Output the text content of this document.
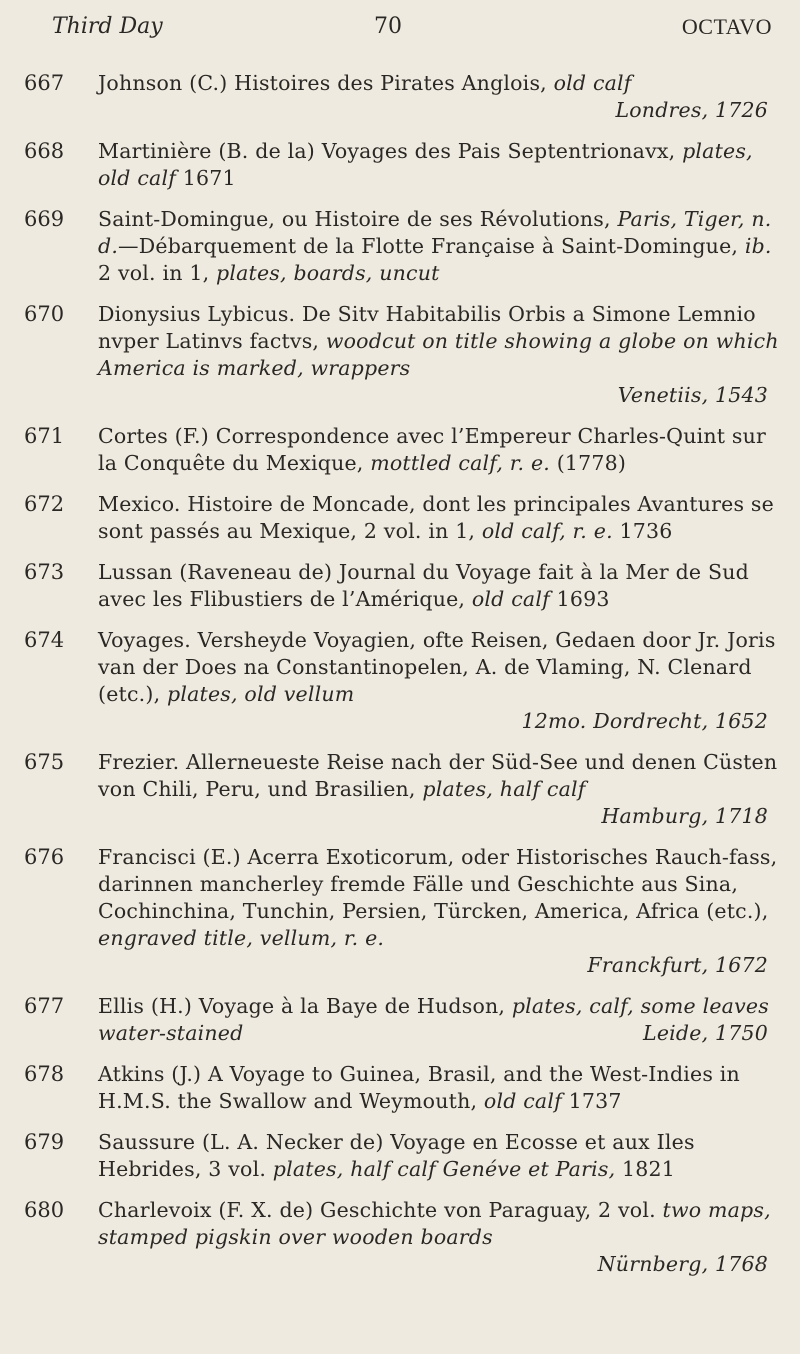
Third Day	70	OCTAVO
667	Johnson (C.) Histoires des Pirates Anglois, old calf
Londres, 1726
668	Martinière (B. de la) Voyages des Pais Septentrionavx, plates, old calf 1671
669	Saint-Domingue, ou Histoire de ses Révolutions, Paris, Tiger, n. d.—Débarquement de la Flotte Française à Saint-Domingue, ib. 2 vol. in 1, plates, boards, uncut
670	Dionysius Lybicus. De Sitv Habitabilis Orbis a Simone Lemnio nvper Latinvs factvs, woodcut on title showing a globe on which America is marked, wrappers
Venetiis, 1543
671	Cortes (F.) Correspondence avec l’Empereur Charles-Quint sur la Conquête du Mexique, mottled calf, r. e. (1778)
672	Mexico. Histoire de Moncade, dont les principales Avantures se sont passés au Mexique, 2 vol. in 1, old calf, r. e. 1736
673	Lussan (Raveneau de) Journal du Voyage fait à la Mer de Sud avec les Flibustiers de l’Amérique, old calf 1693
674	Voyages. Versheyde Voyagien, ofte Reisen, Gedaen door Jr. Joris van der Does na Constantinopelen, A. de Vlaming, N. Clenard (etc.), plates, old vellum
12mo. Dordrecht, 1652
675	Frezier. Allerneueste Reise nach der Süd-See und denen Cüsten von Chili, Peru, und Brasilien, plates, half calf
Hamburg, 1718
676	Francisci (E.) Acerra Exoticorum, oder Historisches Rauch-fass, darinnen mancherley fremde Fälle und Geschichte aus Sina, Cochinchina, Tunchin, Persien, Türcken, America, Africa (etc.), engraved title, vellum, r. e.
Franckfurt, 1672
677	Ellis (H.) Voyage à la Baye de Hudson, plates, calf, some leaves water-stained	Leide, 1750
678	Atkins (J.) A Voyage to Guinea, Brasil, and the West-Indies in H.M.S. the Swallow and Weymouth, old calf 1737
679	Saussure (L. A. Necker de) Voyage en Ecosse et aux Iles Hebrides, 3 vol. plates, half calf Genéve et Paris, 1821
680	Charlevoix (F. X. de) Geschichte von Paraguay, 2 vol. two maps, stamped pigskin over wooden boards
Nürnberg, 1768
